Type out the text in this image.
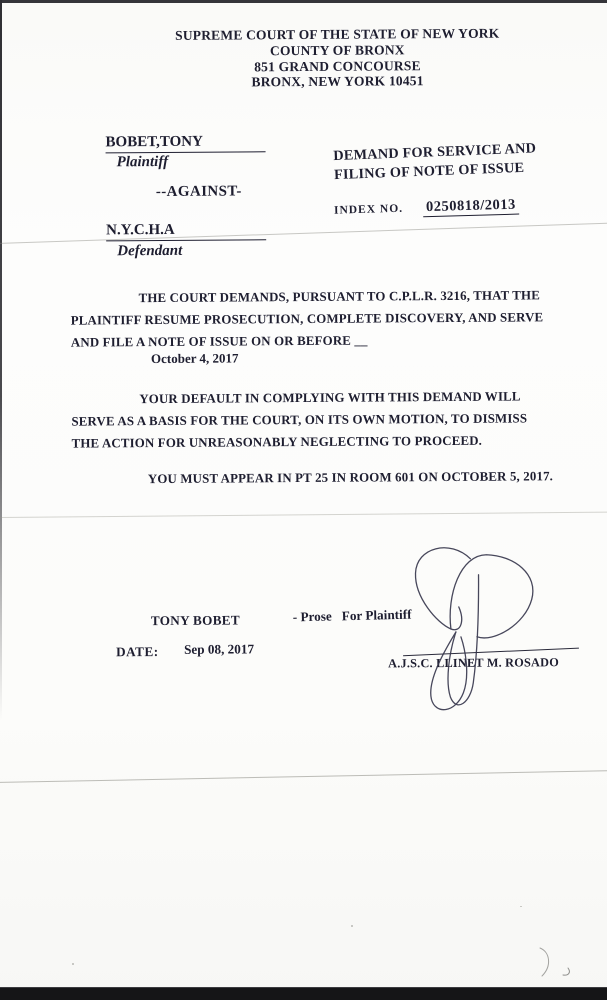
SUPREME COURT OF THE STATE OF NEW YORK
COUNTY OF BRONX
851 GRAND CONCOURSE
BRONX, NEW YORK 10451
BOBET,TONY
Plaintiff
--AGAINST-
N.Y.C.H.A
Defendant
DEMAND FOR SERVICE AND
FILING OF NOTE OF ISSUE
INDEX NO. 0250818/2013
THE COURT DEMANDS, PURSUANT TO C.P.L.R. 3216, THAT THE PLAINTIFF RESUME PROSECUTION, COMPLETE DISCOVERY, AND SERVE AND FILE A NOTE OF ISSUE ON OR BEFORE __
October 4, 2017
YOUR DEFAULT IN COMPLYING WITH THIS DEMAND WILL SERVE AS A BASIS FOR THE COURT, ON ITS OWN MOTION, TO DISMISS THE ACTION FOR UNREASONABLY NEGLECTING TO PROCEED.
YOU MUST APPEAR IN PT 25 IN ROOM 601 ON OCTOBER 5, 2017.
TONY BOBET	- Prose For Plaintiff
DATE: Sep 08, 2017
A.J.S.C. LLINET M. ROSADO
